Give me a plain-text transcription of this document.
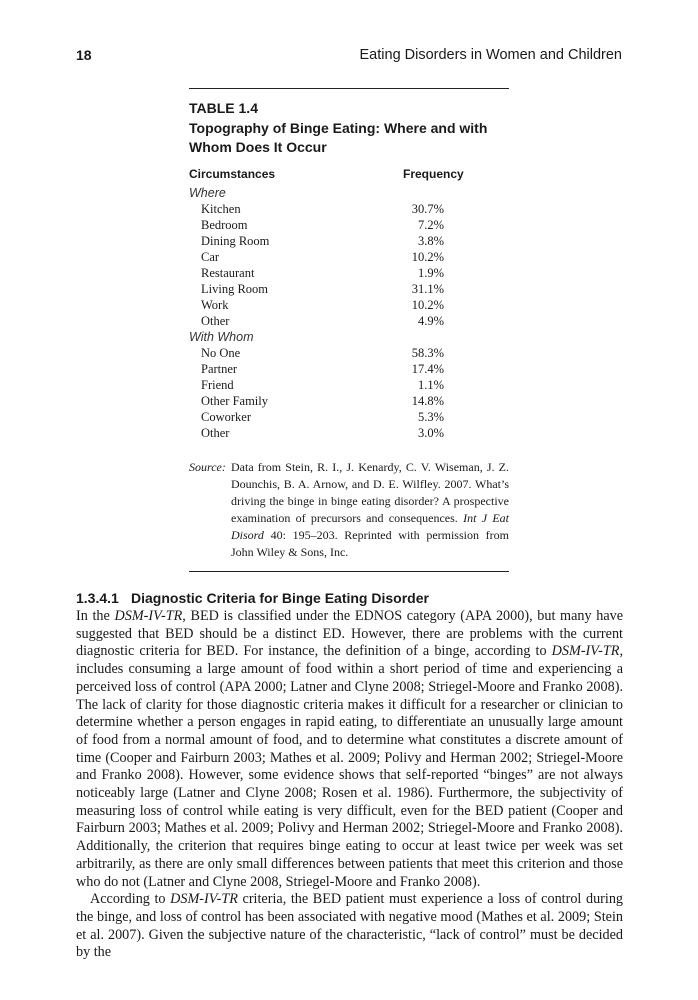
18	Eating Disorders in Women and Children
TABLE 1.4
Topography of Binge Eating: Where and with Whom Does It Occur
Circumstances	Frequency
Where
Kitchen	30.7%
Bedroom	7.2%
Dining Room	3.8%
Car	10.2%
Restaurant	1.9%
Living Room	31.1%
Work	10.2%
Other	4.9%
With Whom
No One	58.3%
Partner	17.4%
Friend	1.1%
Other Family	14.8%
Coworker	5.3%
Other	3.0%
Source: Data from Stein, R. I., J. Kenardy, C. V. Wiseman, J. Z. Dounchis, B. A. Arnow, and D. E. Wilfley. 2007. What’s driving the binge in binge eating disorder? A prospective examination of precursors and consequences. Int J Eat Disord 40: 195–203. Reprinted with permission from John Wiley & Sons, Inc.
1.3.4.1 Diagnostic Criteria for Binge Eating Disorder

In the DSM-IV-TR, BED is classified under the EDNOS category (APA 2000), but many have suggested that BED should be a distinct ED. However, there are problems with the current diagnostic criteria for BED. For instance, the definition of a binge, according to DSM-IV-TR, includes consuming a large amount of food within a short period of time and experiencing a perceived loss of control (APA 2000; Latner and Clyne 2008; Striegel-Moore and Franko 2008). The lack of clarity for those diagnostic criteria makes it difficult for a researcher or clinician to determine whether a person engages in rapid eating, to differentiate an unusually large amount of food from a normal amount of food, and to determine what constitutes a discrete amount of time (Cooper and Fairburn 2003; Mathes et al. 2009; Polivy and Herman 2002; Striegel-Moore and Franko 2008). However, some evidence shows that self-reported “binges” are not always noticeably large (Latner and Clyne 2008; Rosen et al. 1986). Furthermore, the subjectivity of measuring loss of control while eating is very difficult, even for the BED patient (Cooper and Fairburn 2003; Mathes et al. 2009; Polivy and Herman 2002; Striegel-Moore and Franko 2008). Additionally, the criterion that requires binge eating to occur at least twice per week was set arbitrarily, as there are only small differences between patients that meet this criterion and those who do not (Latner and Clyne 2008, Striegel-Moore and Franko 2008).

According to DSM-IV-TR criteria, the BED patient must experience a loss of control during the binge, and loss of control has been associated with negative mood (Mathes et al. 2009; Stein et al. 2007). Given the subjective nature of the characteristic, “lack of control” must be decided by the
